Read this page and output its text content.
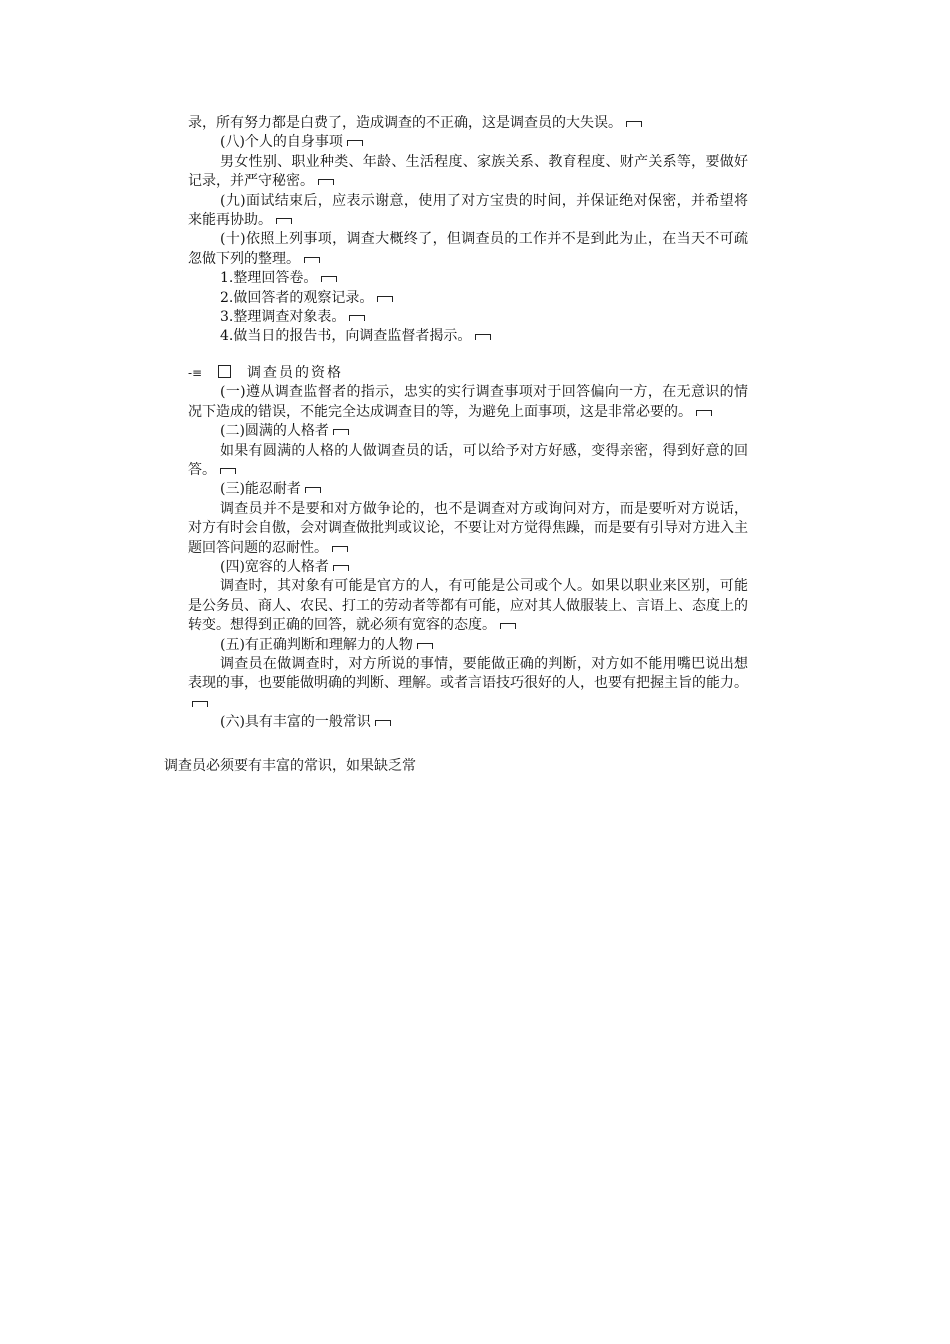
录，所有努力都是白费了，造成调查的不正确，这是调查员的大失误。

(八)个人的自身事项

男女性别、职业种类、年龄、生活程度、家族关系、教育程度、财产关系等，要做好记录，并严守秘密。

(九)面试结束后，应表示谢意，使用了对方宝贵的时间，并保证绝对保密，并希望将来能再协助。

(十)依照上列事项，调查大概终了，但调查员的工作并不是到此为止，在当天不可疏忽做下列的整理。

1.整理回答卷。

2.做回答者的观察记录。

3.整理调查对象表。

4.做当日的报告书，向调查监督者揭示。

-≡	调查员的资格

(一)遵从调查监督者的指示，忠实的实行调查事项对于回答偏向一方，在无意识的情况下造成的错误，不能完全达成调查目的等，为避免上面事项，这是非常必要的。

(二)圆满的人格者

如果有圆满的人格的人做调查员的话，可以给予对方好感，变得亲密，得到好意的回答。

(三)能忍耐者

调查员并不是要和对方做争论的，也不是调查对方或询问对方，而是要听对方说话，对方有时会自傲，会对调查做批判或议论，不要让对方觉得焦躁，而是要有引导对方进入主题回答问题的忍耐性。

(四)宽容的人格者

调查时，其对象有可能是官方的人，有可能是公司或个人。如果以职业来区别，可能是公务员、商人、农民、打工的劳动者等都有可能，应对其人做服装上、言语上、态度上的转变。想得到正确的回答，就必须有宽容的态度。

(五)有正确判断和理解力的人物

调查员在做调查时，对方所说的事情，要能做正确的判断，对方如不能用嘴巴说出想表现的事，也要能做明确的判断、理解。或者言语技巧很好的人，也要有把握主旨的能力。

(六)具有丰富的一般常识

调查员必须要有丰富的常识，如果缺乏常
